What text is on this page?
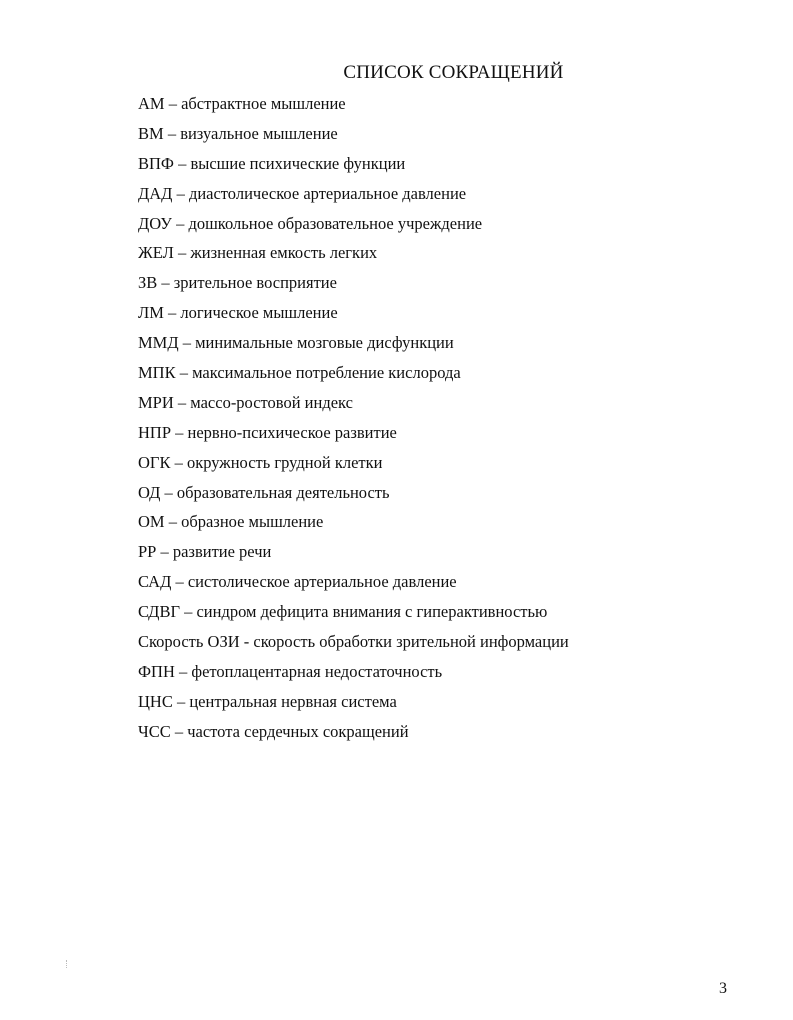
СПИСОК СОКРАЩЕНИЙ
АМ – абстрактное мышление
ВМ – визуальное мышление
ВПФ – высшие психические функции
ДАД – диастолическое артериальное давление
ДОУ – дошкольное образовательное учреждение
ЖЕЛ – жизненная емкость легких
ЗВ – зрительное восприятие
ЛМ – логическое мышление
ММД – минимальные мозговые дисфункции
МПК – максимальное потребление кислорода
МРИ – массо-ростовой индекс
НПР – нервно-психическое развитие
ОГК – окружность грудной клетки
ОД – образовательная деятельность
ОМ – образное мышление
РР – развитие речи
САД – систолическое артериальное давление
СДВГ – синдром дефицита внимания с гиперактивностью
Скорость ОЗИ - скорость обработки зрительной информации
ФПН – фетоплацентарная недостаточность
ЦНС – центральная нервная система
ЧСС – частота сердечных сокращений
3
